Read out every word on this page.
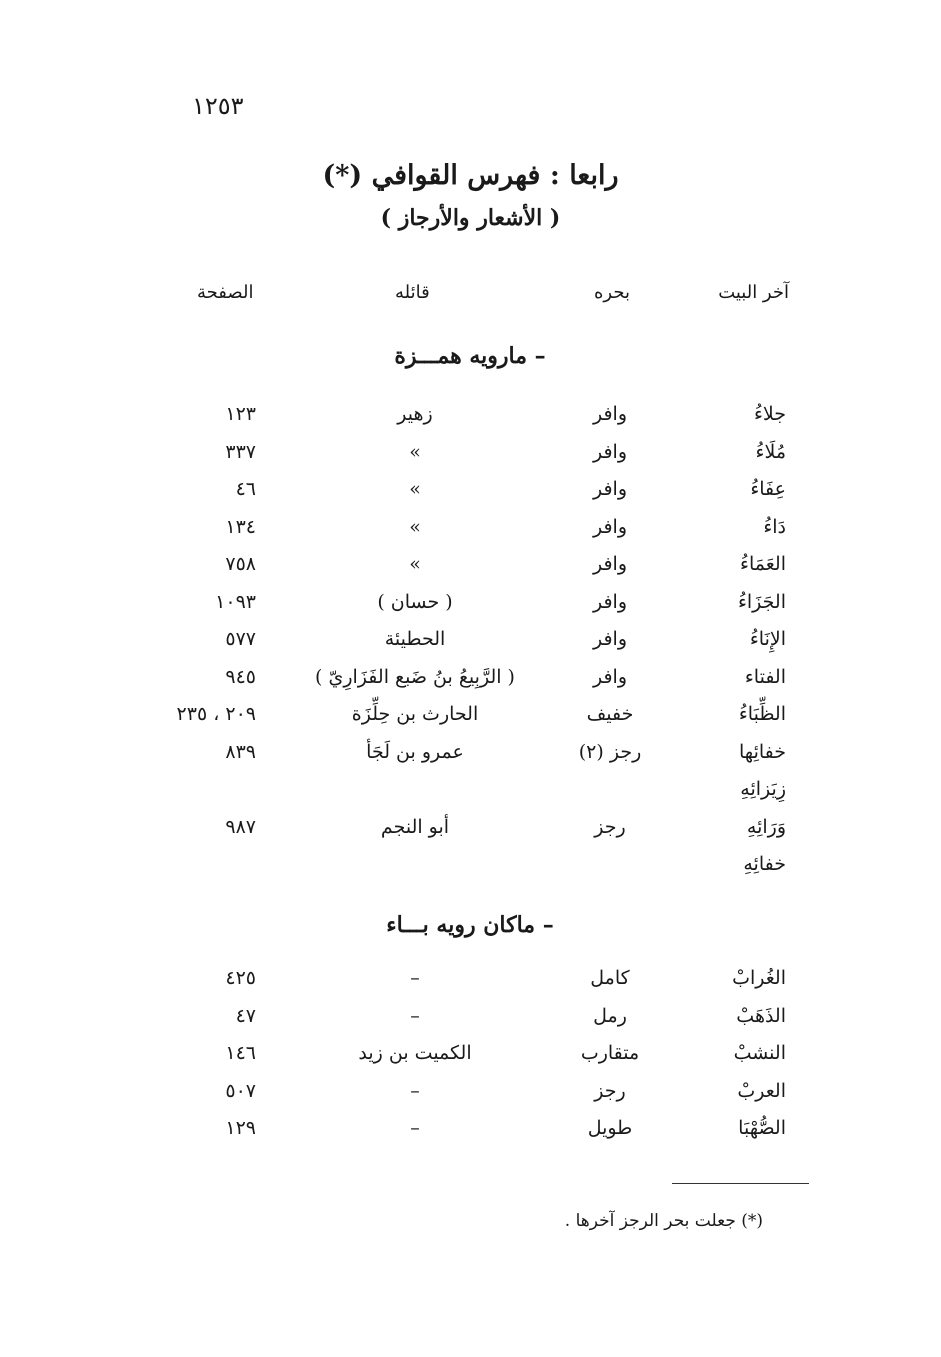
١٢٥٣
رابعا : فهرس القوافي (*)
( الأشعار والأرجاز )
آخر البيت
بحره
قائله
الصفحة
– مارويه همـــزة
جلاءُ
وافر
زهير
١٢٣
مُلَاءُ
وافر
»
٣٣٧
عِفَاءُ
وافر
»
٤٦
دَاءُ
وافر
»
١٣٤
العَمَاءُ
وافر
»
٧٥٨
الجَزَاءُ
وافر
( حسان )
١٠٩٣
الإِنَاءُ
وافر
الحطيئة
٥٧٧
الفتاء
وافر
( الرَّبِيعُ بنُ ضَبع الفَزَارِيّ )
٩٤٥
الظِّبَاءُ
خفيف
الحارث بن حِلِّزَة
٢٠٩ ، ٢٣٥
خفائِها
رجز (٢)
عمرو بن لَجَأ
٨٣٩
زِيَزائِهِ
وَرَائِهِ
رجز
أبو النجم
٩٨٧
خفائِهِ
– ماكان رويه بـــاء
الغُرابْ
كامل
–
٤٢٥
الذَهَبْ
رمل
–
٤٧
النشبْ
متقارب
الكميت بن زيد
١٤٦
العربْ
رجز
–
٥٠٧
الصُّهْبَا
طويل
–
١٢٩
(*) جعلت بحر الرجز آخرها .
